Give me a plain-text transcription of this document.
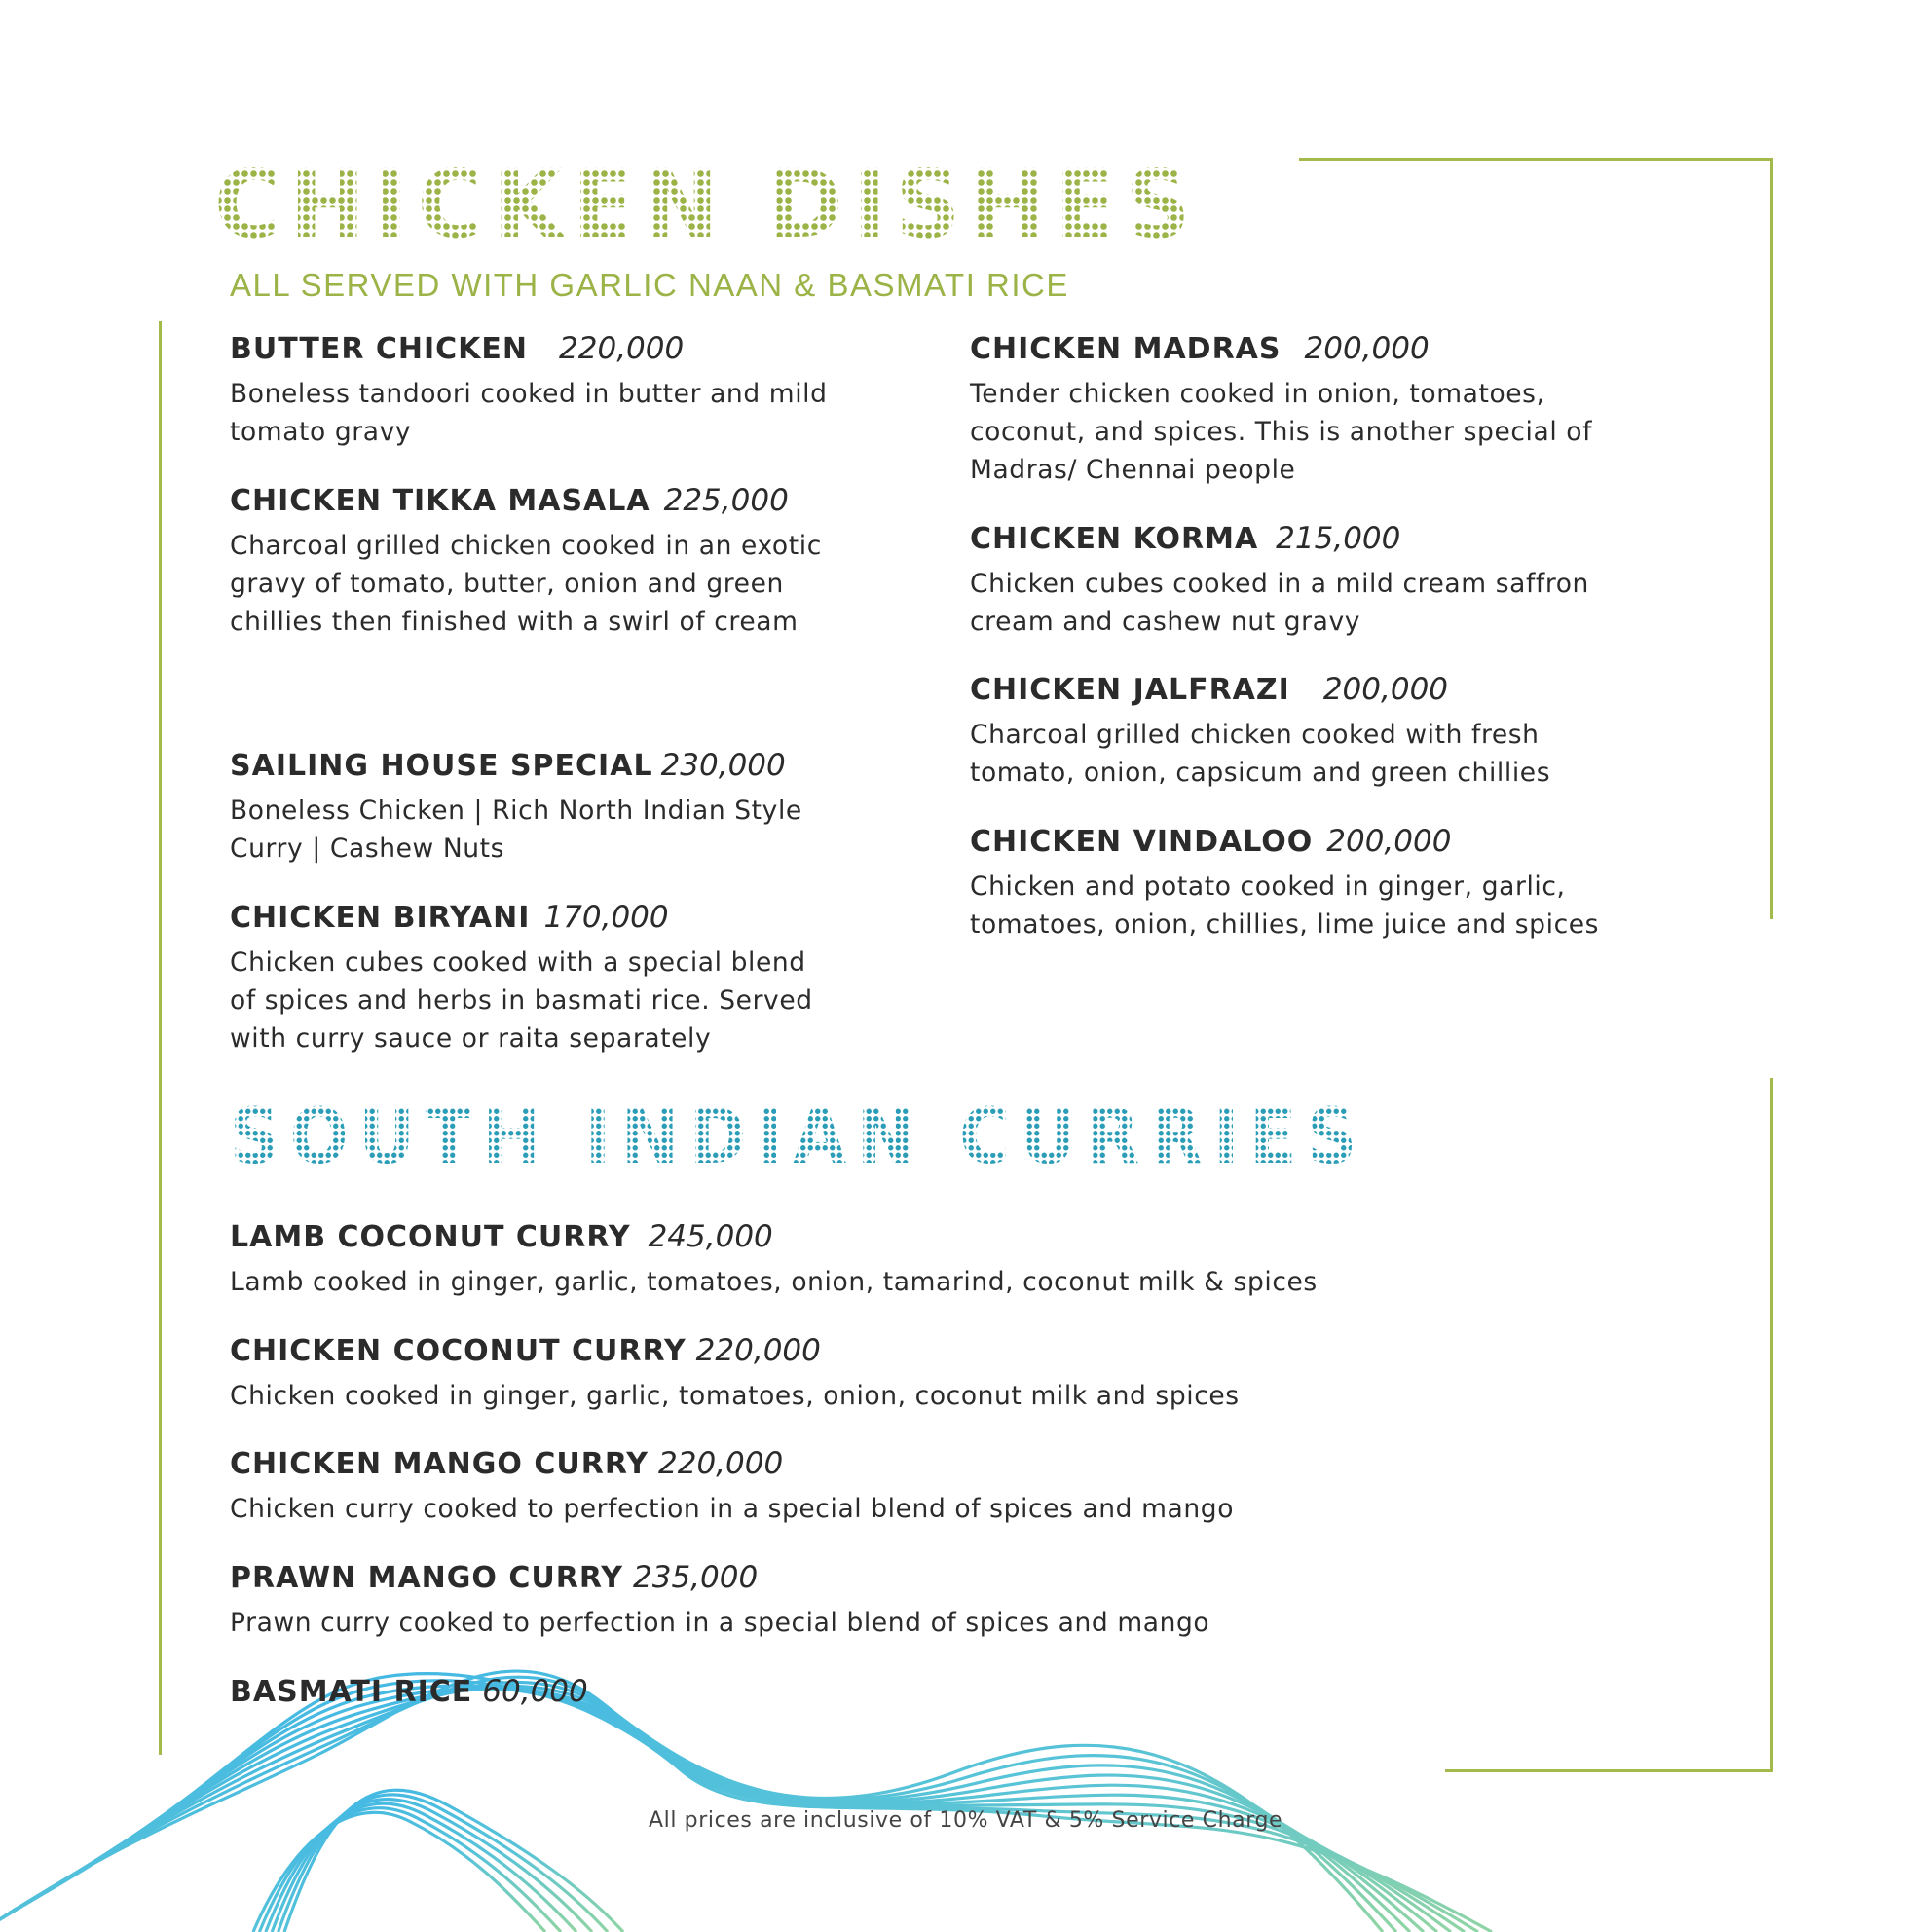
CHICKEN DISHES
ALL SERVED WITH GARLIC NAAN & BASMATI RICE
BUTTER CHICKEN 220,000
Boneless tandoori cooked in butter and mild tomato gravy
CHICKEN TIKKA MASALA 225,000
Charcoal grilled chicken cooked in an exotic gravy of tomato, butter, onion and green chillies then finished with a swirl of cream
SAILING HOUSE SPECIAL 230,000
Boneless Chicken | Rich North Indian Style Curry | Cashew Nuts
CHICKEN BIRYANI 170,000
Chicken cubes cooked with a special blend of spices and herbs in basmati rice. Served with curry sauce or raita separately
CHICKEN MADRAS 200,000
Tender chicken cooked in onion, tomatoes, coconut, and spices. This is another special of Madras/ Chennai people
CHICKEN KORMA 215,000
Chicken cubes cooked in a mild cream saffron cream and cashew nut gravy
CHICKEN JALFRAZI 200,000
Charcoal grilled chicken cooked with fresh tomato, onion, capsicum and green chillies
CHICKEN VINDALOO 200,000
Chicken and potato cooked in ginger, garlic, tomatoes, onion, chillies, lime juice and spices
SOUTH INDIAN CURRIES
LAMB COCONUT CURRY 245,000
Lamb cooked in ginger, garlic, tomatoes, onion, tamarind, coconut milk & spices
CHICKEN COCONUT CURRY 220,000
Chicken cooked in ginger, garlic, tomatoes, onion, coconut milk and spices
CHICKEN MANGO CURRY 220,000
Chicken curry cooked to perfection in a special blend of spices and mango
PRAWN MANGO CURRY 235,000
Prawn curry cooked to perfection in a special blend of spices and mango
BASMATI RICE 60,000
All prices are inclusive of 10% VAT & 5% Service Charge
